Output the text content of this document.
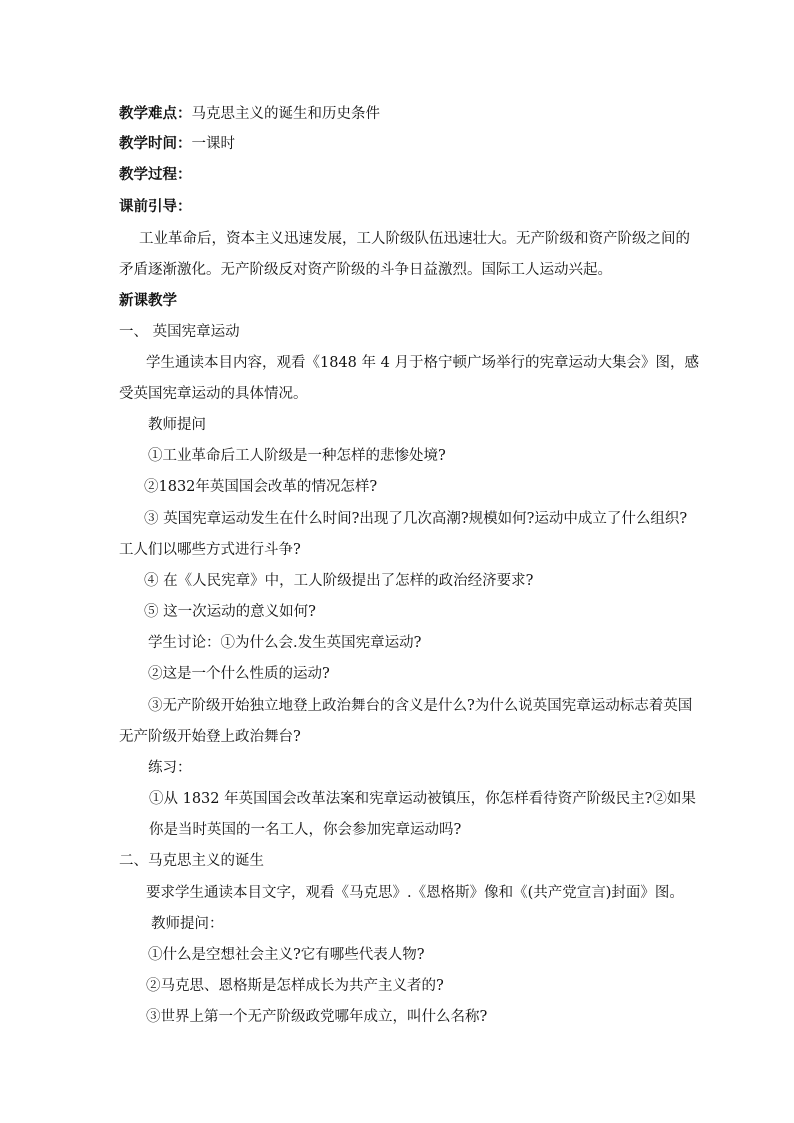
教学难点：马克思主义的诞生和历史条件
教学时间：一课时
教学过程：
课前引导：
工业革命后，资本主义迅速发展，工人阶级队伍迅速壮大。无产阶级和资产阶级之间的
矛盾逐渐激化。无产阶级反对资产阶级的斗争日益激烈。国际工人运动兴起。
新课教学
一、 英国宪章运动
学生通读本目内容，观看《1848 年 4 月于格宁顿广场举行的宪章运动大集会》图，感
受英国宪章运动的具体情况。
教师提问
①工业革命后工人阶级是一种怎样的悲惨处境?
②1832年英国国会改革的情况怎样?
③ 英国宪章运动发生在什么时间?出现了几次高潮?规模如何?运动中成立了什么组织?
工人们以哪些方式进行斗争?
④ 在《人民宪章》中，工人阶级提出了怎样的政治经济要求?
⑤ 这一次运动的意义如何?
学生讨论：①为什么会.发生英国宪章运动?
②这是一个什么性质的运动?
③无产阶级开始独立地登上政治舞台的含义是什么?为什么说英国宪章运动标志着英国
无产阶级开始登上政治舞台?
练习：
①从 1832 年英国国会改革法案和宪章运动被镇压，你怎样看待资产阶级民主?②如果
你是当时英国的一名工人，你会参加宪章运动吗?
二、马克思主义的诞生
要求学生通读本目文字，观看《马克思》.《恩格斯》像和《(共产党宣言)封面》图。
教师提问：
①什么是空想社会主义?它有哪些代表人物?
②马克思、恩格斯是怎样成长为共产主义者的?
③世界上第一个无产阶级政党哪年成立，叫什么名称?
